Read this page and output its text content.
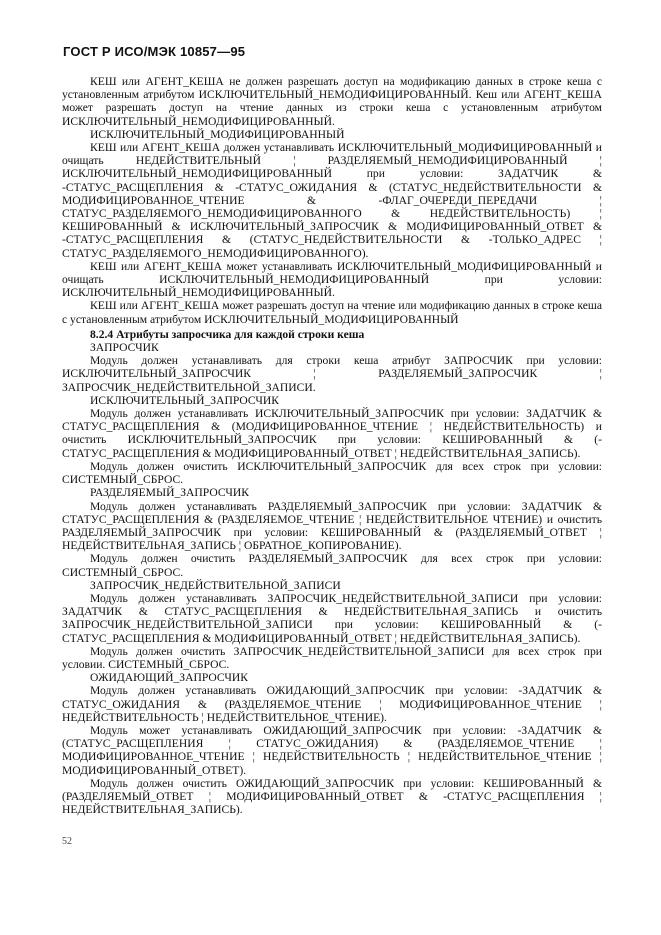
ГОСТ Р ИСО/МЭК 10857—95

КЕШ или АГЕНТ_КЕША не должен разрешать доступ на модификацию данных в строке кеша с установленным атрибутом ИСКЛЮЧИТЕЛЬНЫЙ_НЕМОДИФИЦИРОВАННЫЙ. Кеш или АГЕНТ_КЕША может разрешать доступ на чтение данных из строки кеша с установленным атрибутом ИСКЛЮЧИТЕЛЬНЫЙ_НЕМОДИФИЦИРОВАННЫЙ.

ИСКЛЮЧИТЕЛЬНЫЙ_МОДИФИЦИРОВАННЫЙ

КЕШ или АГЕНТ_КЕША должен устанавливать ИСКЛЮЧИТЕЛЬНЫЙ_МОДИФИЦИРОВАННЫЙ и очищать НЕДЕЙСТВИТЕЛЬНЫЙ ¦ РАЗДЕЛЯЕМЫЙ_НЕМОДИФИЦИРОВАННЫЙ ¦ ИСКЛЮЧИТЕЛЬНЫЙ_НЕМОДИФИЦИРОВАННЫЙ при условии: ЗАДАТЧИК & -СТАТУС_РАСЩЕПЛЕНИЯ & -СТАТУС_ОЖИДАНИЯ & (СТАТУС_НЕДЕЙСТВИТЕЛЬНОСТИ & МОДИФИЦИРОВАННОЕ_ЧТЕНИЕ & -ФЛАГ_ОЧЕРЕДИ_ПЕРЕДАЧИ ¦ СТАТУС_РАЗДЕЛЯЕМОГО_НЕМОДИФИЦИРОВАННОГО & НЕДЕЙСТВИТЕЛЬНОСТЬ) ¦ КЕШИРОВАННЫЙ & ИСКЛЮЧИТЕЛЬНЫЙ_ЗАПРОСЧИК & МОДИФИЦИРОВАННЫЙ_ОТВЕТ & -СТАТУС_РАСЩЕПЛЕНИЯ & (СТАТУС_НЕДЕЙСТВИТЕЛЬНОСТИ & -ТОЛЬКО_АДРЕС ¦ СТАТУС_РАЗДЕЛЯЕМОГО_НЕМОДИФИЦИРОВАННОГО).

КЕШ или АГЕНТ_КЕША может устанавливать ИСКЛЮЧИТЕЛЬНЫЙ_МОДИФИЦИРОВАННЫЙ и очищать ИСКЛЮЧИТЕЛЬНЫЙ_НЕМОДИФИЦИРОВАННЫЙ при условии: ИСКЛЮЧИТЕЛЬНЫЙ_НЕМОДИФИЦИРОВАННЫЙ.

КЕШ или АГЕНТ_КЕША может разрешать доступ на чтение или модификацию данных в строке кеша с установленным атрибутом ИСКЛЮЧИТЕЛЬНЫЙ_МОДИФИЦИРОВАННЫЙ

8.2.4 Атрибуты запросчика для каждой строки кеша

ЗАПРОСЧИК

Модуль должен устанавливать для строки кеша атрибут ЗАПРОСЧИК при условии: ИСКЛЮЧИТЕЛЬНЫЙ_ЗАПРОСЧИК ¦ РАЗДЕЛЯЕМЫЙ_ЗАПРОСЧИК ¦ ЗАПРОСЧИК_НЕДЕЙСТВИТЕЛЬНОЙ_ЗАПИСИ.

ИСКЛЮЧИТЕЛЬНЫЙ_ЗАПРОСЧИК

Модуль должен устанавливать ИСКЛЮЧИТЕЛЬНЫЙ_ЗАПРОСЧИК при условии: ЗАДАТЧИК & СТАТУС_РАСЩЕПЛЕНИЯ & (МОДИФИЦИРОВАННОЕ_ЧТЕНИЕ ¦ НЕДЕЙСТВИТЕЛЬНОСТЬ) и очистить ИСКЛЮЧИТЕЛЬНЫЙ_ЗАПРОСЧИК при условии: КЕШИРОВАННЫЙ & (-СТАТУС_РАСЩЕПЛЕНИЯ & МОДИФИЦИРОВАННЫЙ_ОТВЕТ ¦ НЕДЕЙСТВИТЕЛЬНАЯ_ЗАПИСЬ).

Модуль должен очистить ИСКЛЮЧИТЕЛЬНЫЙ_ЗАПРОСЧИК для всех строк при условии: СИСТЕМНЫЙ_СБРОС.

РАЗДЕЛЯЕМЫЙ_ЗАПРОСЧИК

Модуль должен устанавливать РАЗДЕЛЯЕМЫЙ_ЗАПРОСЧИК при условии: ЗАДАТЧИК & СТАТУС_РАСЩЕПЛЕНИЯ & (РАЗДЕЛЯЕМОЕ_ЧТЕНИЕ ¦ НЕДЕЙСТВИТЕЛЬНОЕ ЧТЕНИЕ) и очистить РАЗДЕЛЯЕМЫЙ_ЗАПРОСЧИК при условии: КЕШИРОВАННЫЙ & (РАЗДЕЛЯЕМЫЙ_ОТВЕТ ¦ НЕДЕЙСТВИТЕЛЬНАЯ_ЗАПИСЬ ¦ ОБРАТНОЕ_КОПИРОВАНИЕ).

Модуль должен очистить РАЗДЕЛЯЕМЫЙ_ЗАПРОСЧИК для всех строк при условии: СИСТЕМНЫЙ_СБРОС.

ЗАПРОСЧИК_НЕДЕЙСТВИТЕЛЬНОЙ_ЗАПИСИ

Модуль должен устанавливать ЗАПРОСЧИК_НЕДЕЙСТВИТЕЛЬНОЙ_ЗАПИСИ при условии: ЗАДАТЧИК & СТАТУС_РАСЩЕПЛЕНИЯ & НЕДЕЙСТВИТЕЛЬНАЯ_ЗАПИСЬ и очистить ЗАПРОСЧИК_НЕДЕЙСТВИТЕЛЬНОЙ_ЗАПИСИ при условии: КЕШИРОВАННЫЙ & (-СТАТУС_РАСЩЕПЛЕНИЯ & МОДИФИЦИРОВАННЫЙ_ОТВЕТ ¦ НЕДЕЙСТВИТЕЛЬНАЯ_ЗАПИСЬ).

Модуль должен очистить ЗАПРОСЧИК_НЕДЕЙСТВИТЕЛЬНОЙ_ЗАПИСИ для всех строк при условии. СИСТЕМНЫЙ_СБРОС.

ОЖИДАЮЩИЙ_ЗАПРОСЧИК

Модуль должен устанавливать ОЖИДАЮЩИЙ_ЗАПРОСЧИК при условии: -ЗАДАТЧИК & СТАТУС_ОЖИДАНИЯ & (РАЗДЕЛЯЕМОЕ_ЧТЕНИЕ ¦ МОДИФИЦИРОВАННОЕ_ЧТЕНИЕ ¦ НЕДЕЙСТВИТЕЛЬНОСТЬ ¦ НЕДЕЙСТВИТЕЛЬНОЕ_ЧТЕНИЕ).

Модуль может устанавливать ОЖИДАЮЩИЙ_ЗАПРОСЧИК при условии: -ЗАДАТЧИК & (СТАТУС_РАСЩЕПЛЕНИЯ ¦ СТАТУС_ОЖИДАНИЯ) & (РАЗДЕЛЯЕМОЕ_ЧТЕНИЕ ¦ МОДИФИЦИРОВАННОЕ_ЧТЕНИЕ ¦ НЕДЕЙСТВИТЕЛЬНОСТЬ ¦ НЕДЕЙСТВИТЕЛЬНОЕ_ЧТЕНИЕ ¦ МОДИФИЦИРОВАННЫЙ_ОТВЕТ).

Модуль должен очистить ОЖИДАЮЩИЙ_ЗАПРОСЧИК при условии: КЕШИРОВАННЫЙ & (РАЗДЕЛЯЕМЫЙ_ОТВЕТ ¦ МОДИФИЦИРОВАННЫЙ_ОТВЕТ & -СТАТУС_РАСЩЕПЛЕНИЯ ¦ НЕДЕЙСТВИТЕЛЬНАЯ_ЗАПИСЬ).

52
